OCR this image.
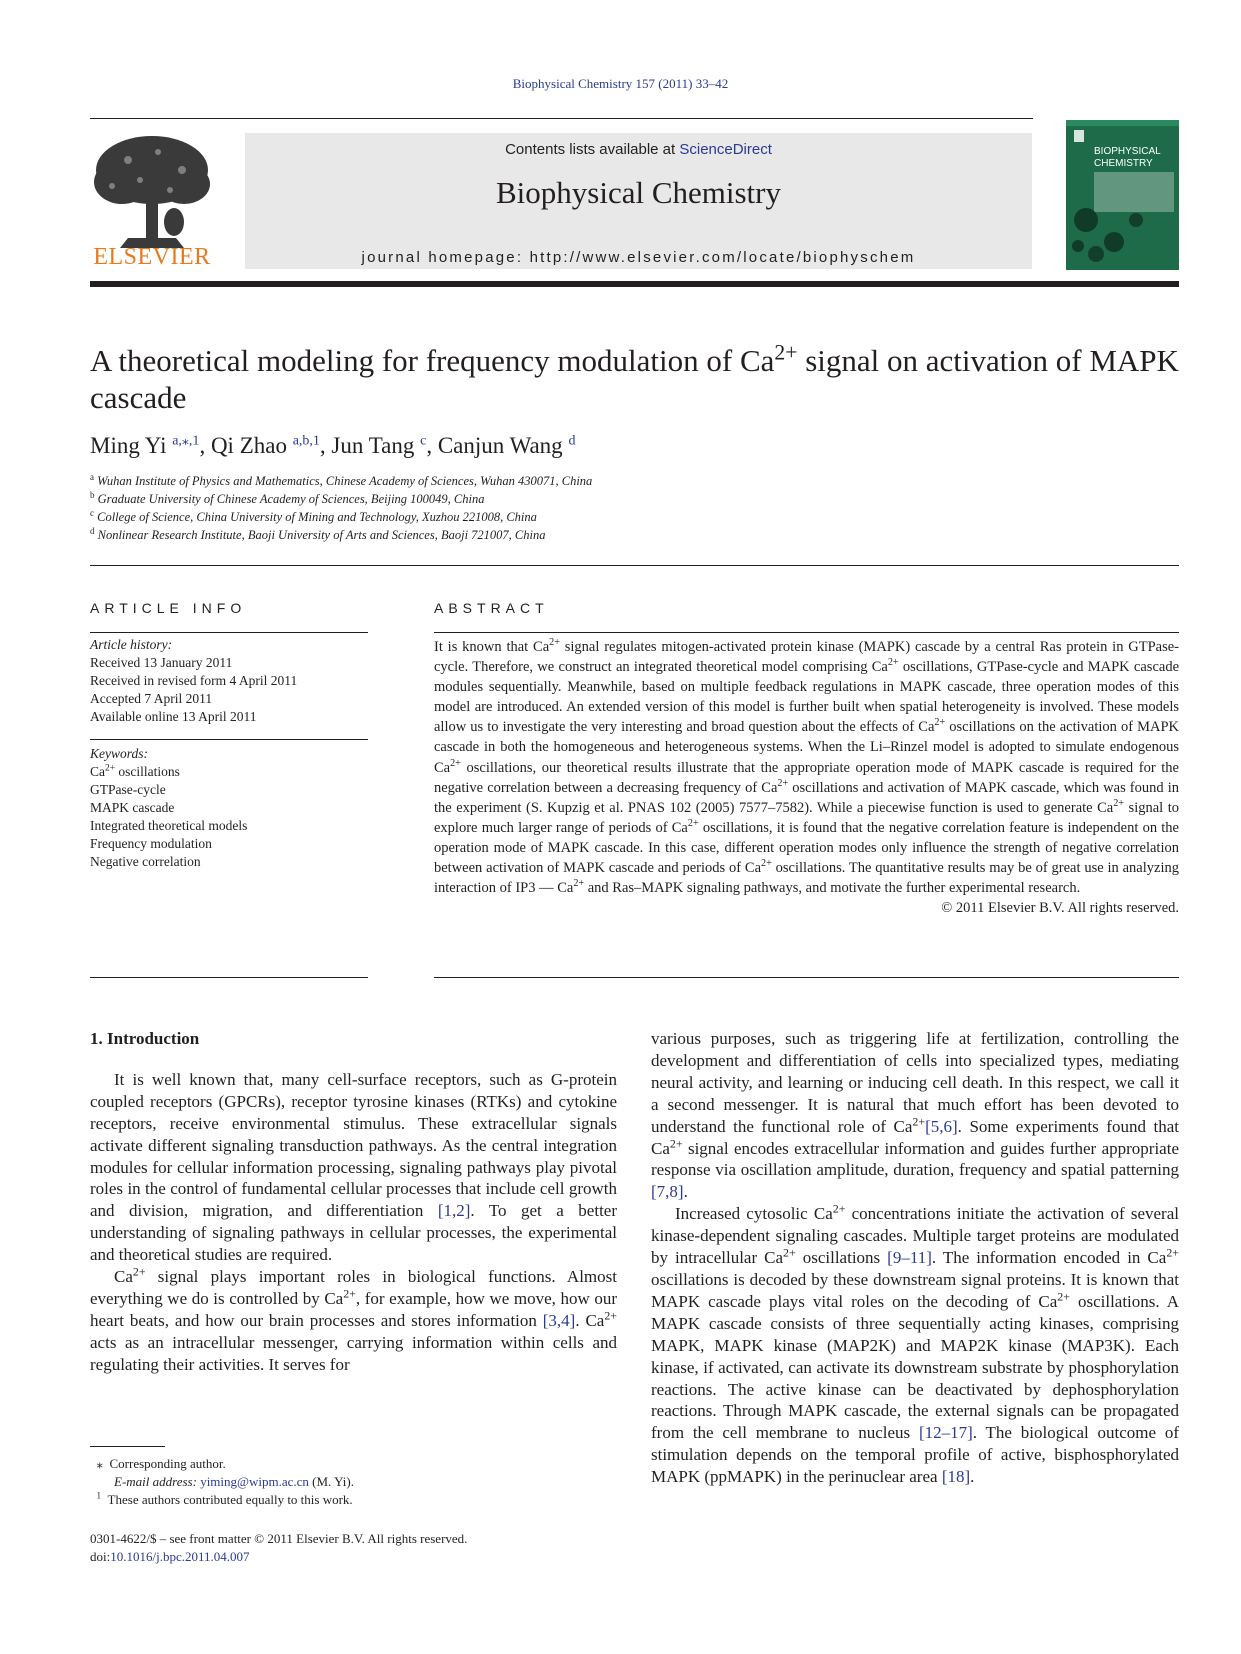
Biophysical Chemistry 157 (2011) 33–42
ELSEVIER
Contents lists available at ScienceDirect
Biophysical Chemistry
journal homepage: http://www.elsevier.com/locate/biophyschem
BIOPHYSICAL CHEMISTRY
A theoretical modeling for frequency modulation of $Ca^{2+}$ signal on activation of MAPK cascade
Ming Yi $^{a,⁎,1}$, Qi Zhao $^{a,b,1}$, Jun Tang $^c$, Canjun Wang $^d$
$^a$ Wuhan Institute of Physics and Mathematics, Chinese Academy of Sciences, Wuhan 430071, China
$^b$ Graduate University of Chinese Academy of Sciences, Beijing 100049, China
$^c$ College of Science, China University of Mining and Technology, Xuzhou 221008, China
$^d$ Nonlinear Research Institute, Baoji University of Arts and Sciences, Baoji 721007, China
ARTICLE INFO
Article history:
Received 13 January 2011
Received in revised form 4 April 2011
Accepted 7 April 2011
Available online 13 April 2011
Keywords:
$Ca^{2+}$ oscillations
GTPase-cycle
MAPK cascade
Integrated theoretical models
Frequency modulation
Negative correlation
ABSTRACT
It is known that $Ca^{2+}$ signal regulates mitogen-activated protein kinase (MAPK) cascade by a central Ras protein in GTPase-cycle. Therefore, we construct an integrated theoretical model comprising $Ca^{2+}$ oscillations, GTPase-cycle and MAPK cascade modules sequentially. Meanwhile, based on multiple feedback regulations in MAPK cascade, three operation modes of this model are introduced. An extended version of this model is further built when spatial heterogeneity is involved. These models allow us to investigate the very interesting and broad question about the effects of $Ca^{2+}$ oscillations on the activation of MAPK cascade in both the homogeneous and heterogeneous systems. When the Li–Rinzel model is adopted to simulate endogenous $Ca^{2+}$ oscillations, our theoretical results illustrate that the appropriate operation mode of MAPK cascade is required for the negative correlation between a decreasing frequency of $Ca^{2+}$ oscillations and activation of MAPK cascade, which was found in the experiment (S. Kupzig et al. PNAS 102 (2005) 7577–7582). While a piecewise function is used to generate $Ca^{2+}$ signal to explore much larger range of periods of $Ca^{2+}$ oscillations, it is found that the negative correlation feature is independent on the operation mode of MAPK cascade. In this case, different operation modes only influence the strength of negative correlation between activation of MAPK cascade and periods of $Ca^{2+}$ oscillations. The quantitative results may be of great use in analyzing interaction of IP3 — $Ca^{2+}$ and Ras–MAPK signaling pathways, and motivate the further experimental research.
© 2011 Elsevier B.V. All rights reserved.
1. Introduction

It is well known that, many cell-surface receptors, such as G-protein coupled receptors (GPCRs), receptor tyrosine kinases (RTKs) and cytokine receptors, receive environmental stimulus. These extracellular signals activate different signaling transduction pathways. As the central integration modules for cellular information processing, signaling pathways play pivotal roles in the control of fundamental cellular processes that include cell growth and division, migration, and differentiation [1,2]. To get a better understanding of signaling pathways in cellular processes, the experimental and theoretical studies are required.

$Ca^{2+}$ signal plays important roles in biological functions. Almost everything we do is controlled by $Ca^{2+}$, for example, how we move, how our heart beats, and how our brain processes and stores information [3,4]. $Ca^{2+}$ acts as an intracellular messenger, carrying information within cells and regulating their activities. It serves for

various purposes, such as triggering life at fertilization, controlling the development and differentiation of cells into specialized types, mediating neural activity, and learning or inducing cell death. In this respect, we call it a second messenger. It is natural that much effort has been devoted to understand the functional role of $Ca^{2+}[5,6]$. Some experiments found that $Ca^{2+}$ signal encodes extracellular information and guides further appropriate response via oscillation amplitude, duration, frequency and spatial patterning [7,8].

Increased cytosolic $Ca^{2+}$ concentrations initiate the activation of several kinase-dependent signaling cascades. Multiple target proteins are modulated by intracellular $Ca^{2+}$ oscillations [9–11]. The information encoded in $Ca^{2+}$ oscillations is decoded by these downstream signal proteins. It is known that MAPK cascade plays vital roles on the decoding of $Ca^{2+}$ oscillations. A MAPK cascade consists of three sequentially acting kinases, comprising MAPK, MAPK kinase (MAP2K) and MAP2K kinase (MAP3K). Each kinase, if activated, can activate its downstream substrate by phosphorylation reactions. The active kinase can be deactivated by dephosphorylation reactions. Through MAPK cascade, the external signals can be propagated from the cell membrane to nucleus [12–17]. The biological outcome of stimulation depends on the temporal profile of active, bisphosphorylated MAPK (ppMAPK) in the perinuclear area [18].

⁎  Corresponding author.
E-mail address: yiming@wipm.ac.cn (M. Yi).
$^1$ These authors contributed equally to this work.
0301-4622/$ – see front matter © 2011 Elsevier B.V. All rights reserved.
doi:10.1016/j.bpc.2011.04.007
